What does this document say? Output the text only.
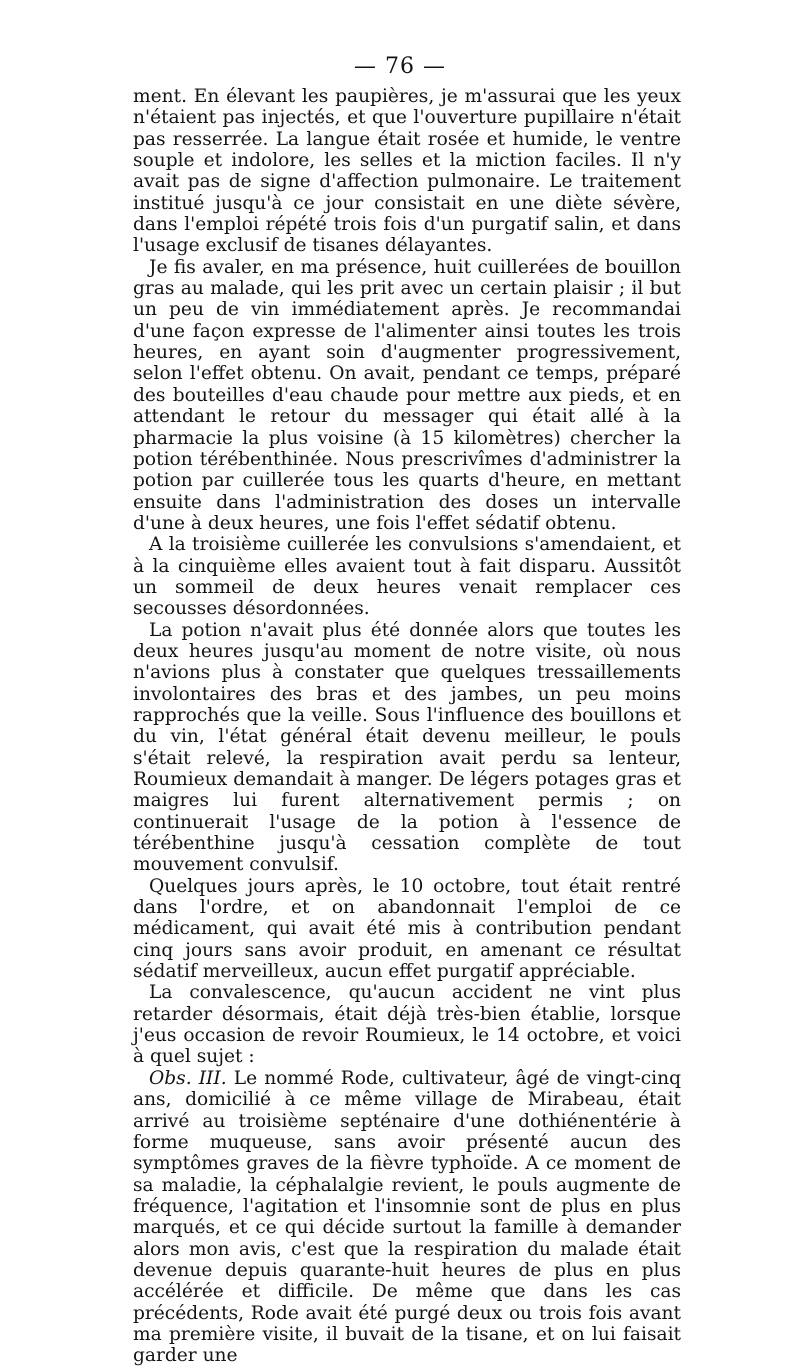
— 76 —

ment. En élevant les paupières, je m'assurai que les yeux n'étaient pas injectés, et que l'ouverture pupillaire n'était pas resserrée. La langue était rosée et humide, le ventre souple et indolore, les selles et la miction faciles. Il n'y avait pas de signe d'affection pulmonaire. Le traitement institué jusqu'à ce jour consistait en une diète sévère, dans l'emploi répété trois fois d'un purgatif salin, et dans l'usage exclusif de tisanes délayantes.

Je fis avaler, en ma présence, huit cuillerées de bouillon gras au malade, qui les prit avec un certain plaisir ; il but un peu de vin immédiatement après. Je recommandai d'une façon expresse de l'alimenter ainsi toutes les trois heures, en ayant soin d'augmenter progressivement, selon l'effet obtenu. On avait, pendant ce temps, préparé des bouteilles d'eau chaude pour mettre aux pieds, et en attendant le retour du messager qui était allé à la pharmacie la plus voisine (à 15 kilomètres) chercher la potion térébenthinée. Nous prescrivîmes d'administrer la potion par cuillerée tous les quarts d'heure, en mettant ensuite dans l'administration des doses un intervalle d'une à deux heures, une fois l'effet sédatif obtenu.

A la troisième cuillerée les convulsions s'amendaient, et à la cinquième elles avaient tout à fait disparu. Aussitôt un sommeil de deux heures venait remplacer ces secousses désordonnées.

La potion n'avait plus été donnée alors que toutes les deux heures jusqu'au moment de notre visite, où nous n'avions plus à constater que quelques tressaillements involontaires des bras et des jambes, un peu moins rapprochés que la veille. Sous l'influence des bouillons et du vin, l'état général était devenu meilleur, le pouls s'était relevé, la respiration avait perdu sa lenteur, Roumieux demandait à manger. De légers potages gras et maigres lui furent alternativement permis ; on continuerait l'usage de la potion à l'essence de térébenthine jusqu'à cessation complète de tout mouvement convulsif.

Quelques jours après, le 10 octobre, tout était rentré dans l'ordre, et on abandonnait l'emploi de ce médicament, qui avait été mis à contribution pendant cinq jours sans avoir produit, en amenant ce résultat sédatif merveilleux, aucun effet purgatif appréciable.

La convalescence, qu'aucun accident ne vint plus retarder désormais, était déjà très-bien établie, lorsque j'eus occasion de revoir Roumieux, le 14 octobre, et voici à quel sujet :

Obs. III. Le nommé Rode, cultivateur, âgé de vingt-cinq ans, domicilié à ce même village de Mirabeau, était arrivé au troisième septénaire d'une dothiénentérie à forme muqueuse, sans avoir présenté aucun des symptômes graves de la fièvre typhoïde. A ce moment de sa maladie, la céphalalgie revient, le pouls augmente de fréquence, l'agitation et l'insomnie sont de plus en plus marqués, et ce qui décide surtout la famille à demander alors mon avis, c'est que la respiration du malade était devenue depuis quarante-huit heures de plus en plus accélérée et difficile. De même que dans les cas précédents, Rode avait été purgé deux ou trois fois avant ma première visite, il buvait de la tisane, et on lui faisait garder une
